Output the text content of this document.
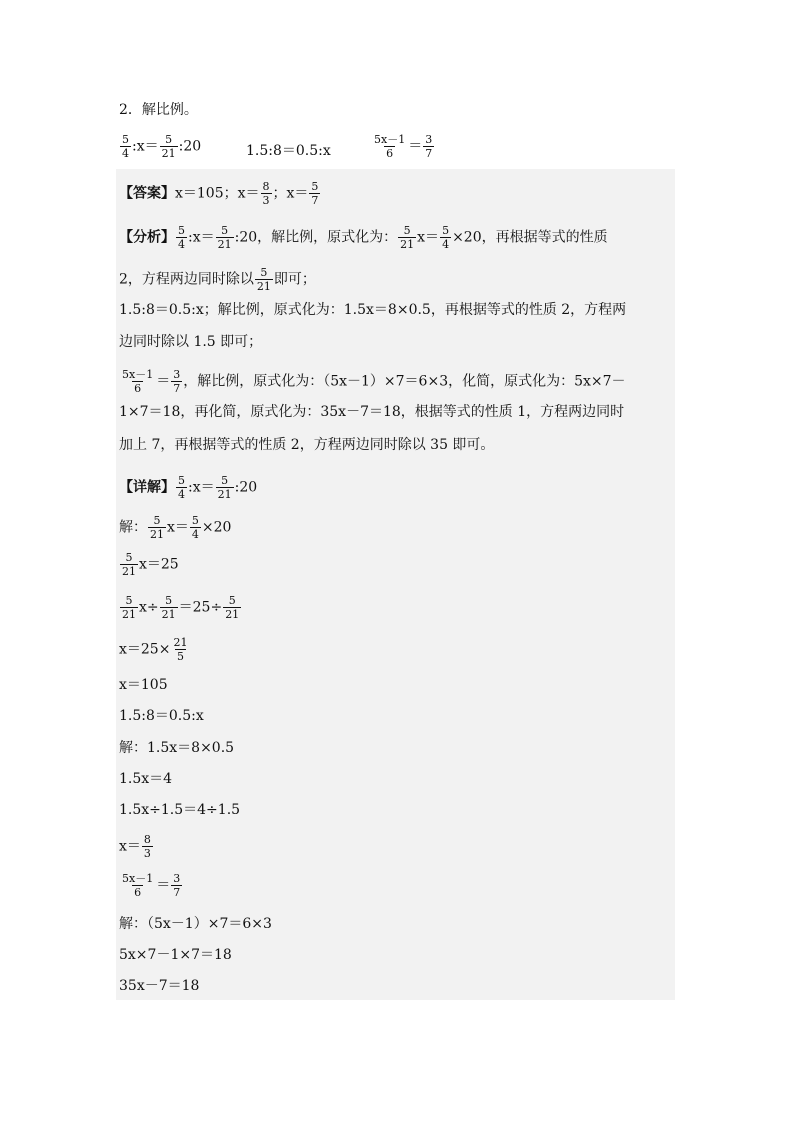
2．解比例。
$\frac{5}{4}$ :x＝ $\frac{5}{21}$ :20	1.5:8＝0.5:x	$\frac{5x-1}{6} = \frac{3}{7}$
【答案】x＝105；$x= \frac{8}{3}$ ；$x= \frac{5}{7}$
【分析】 $\frac{5}{4}$ :x＝ $\frac{5}{21}$ :20，解比例，原式化为： $\frac{5}{21} x= \frac{5}{4} \times 20$，再根据等式的性质
2，方程两边同时除以 $\frac{5}{21}$ 即可；
1.5:8＝0.5:x；解比例，原式化为：1.5x＝8×0.5，再根据等式的性质 2，方程两
边同时除以 1.5 即可；
$\frac{5x-1}{6} = \frac{3}{7}$ ，解比例，原式化为：（5x－1）×7＝6×3，化简，原式化为：5x×7－
1×7＝18，再化简，原式化为：35x－7＝18，根据等式的性质 1，方程两边同时
加上 7，再根据等式的性质 2，方程两边同时除以 35 即可。
【详解】 $\frac{5}{4}$ :x＝ $\frac{5}{21}$ :20
解： $\frac{5}{21} x= \frac{5}{4} \times 20$
$\frac{5}{21} x=25$
$\frac{5}{21} x\div \frac{5}{21} =25\div \frac{5}{21}$
$x=25\times \frac{21}{5}$
x＝105
1.5:8＝0.5:x
解：1.5x＝8×0.5
1.5x＝4
1.5x÷1.5＝4÷1.5
$x= \frac{8}{3}$
$\frac{5x-1}{6} = \frac{3}{7}$
解：（5x－1）×7＝6×3
5x×7－1×7＝18
35x－7＝18
